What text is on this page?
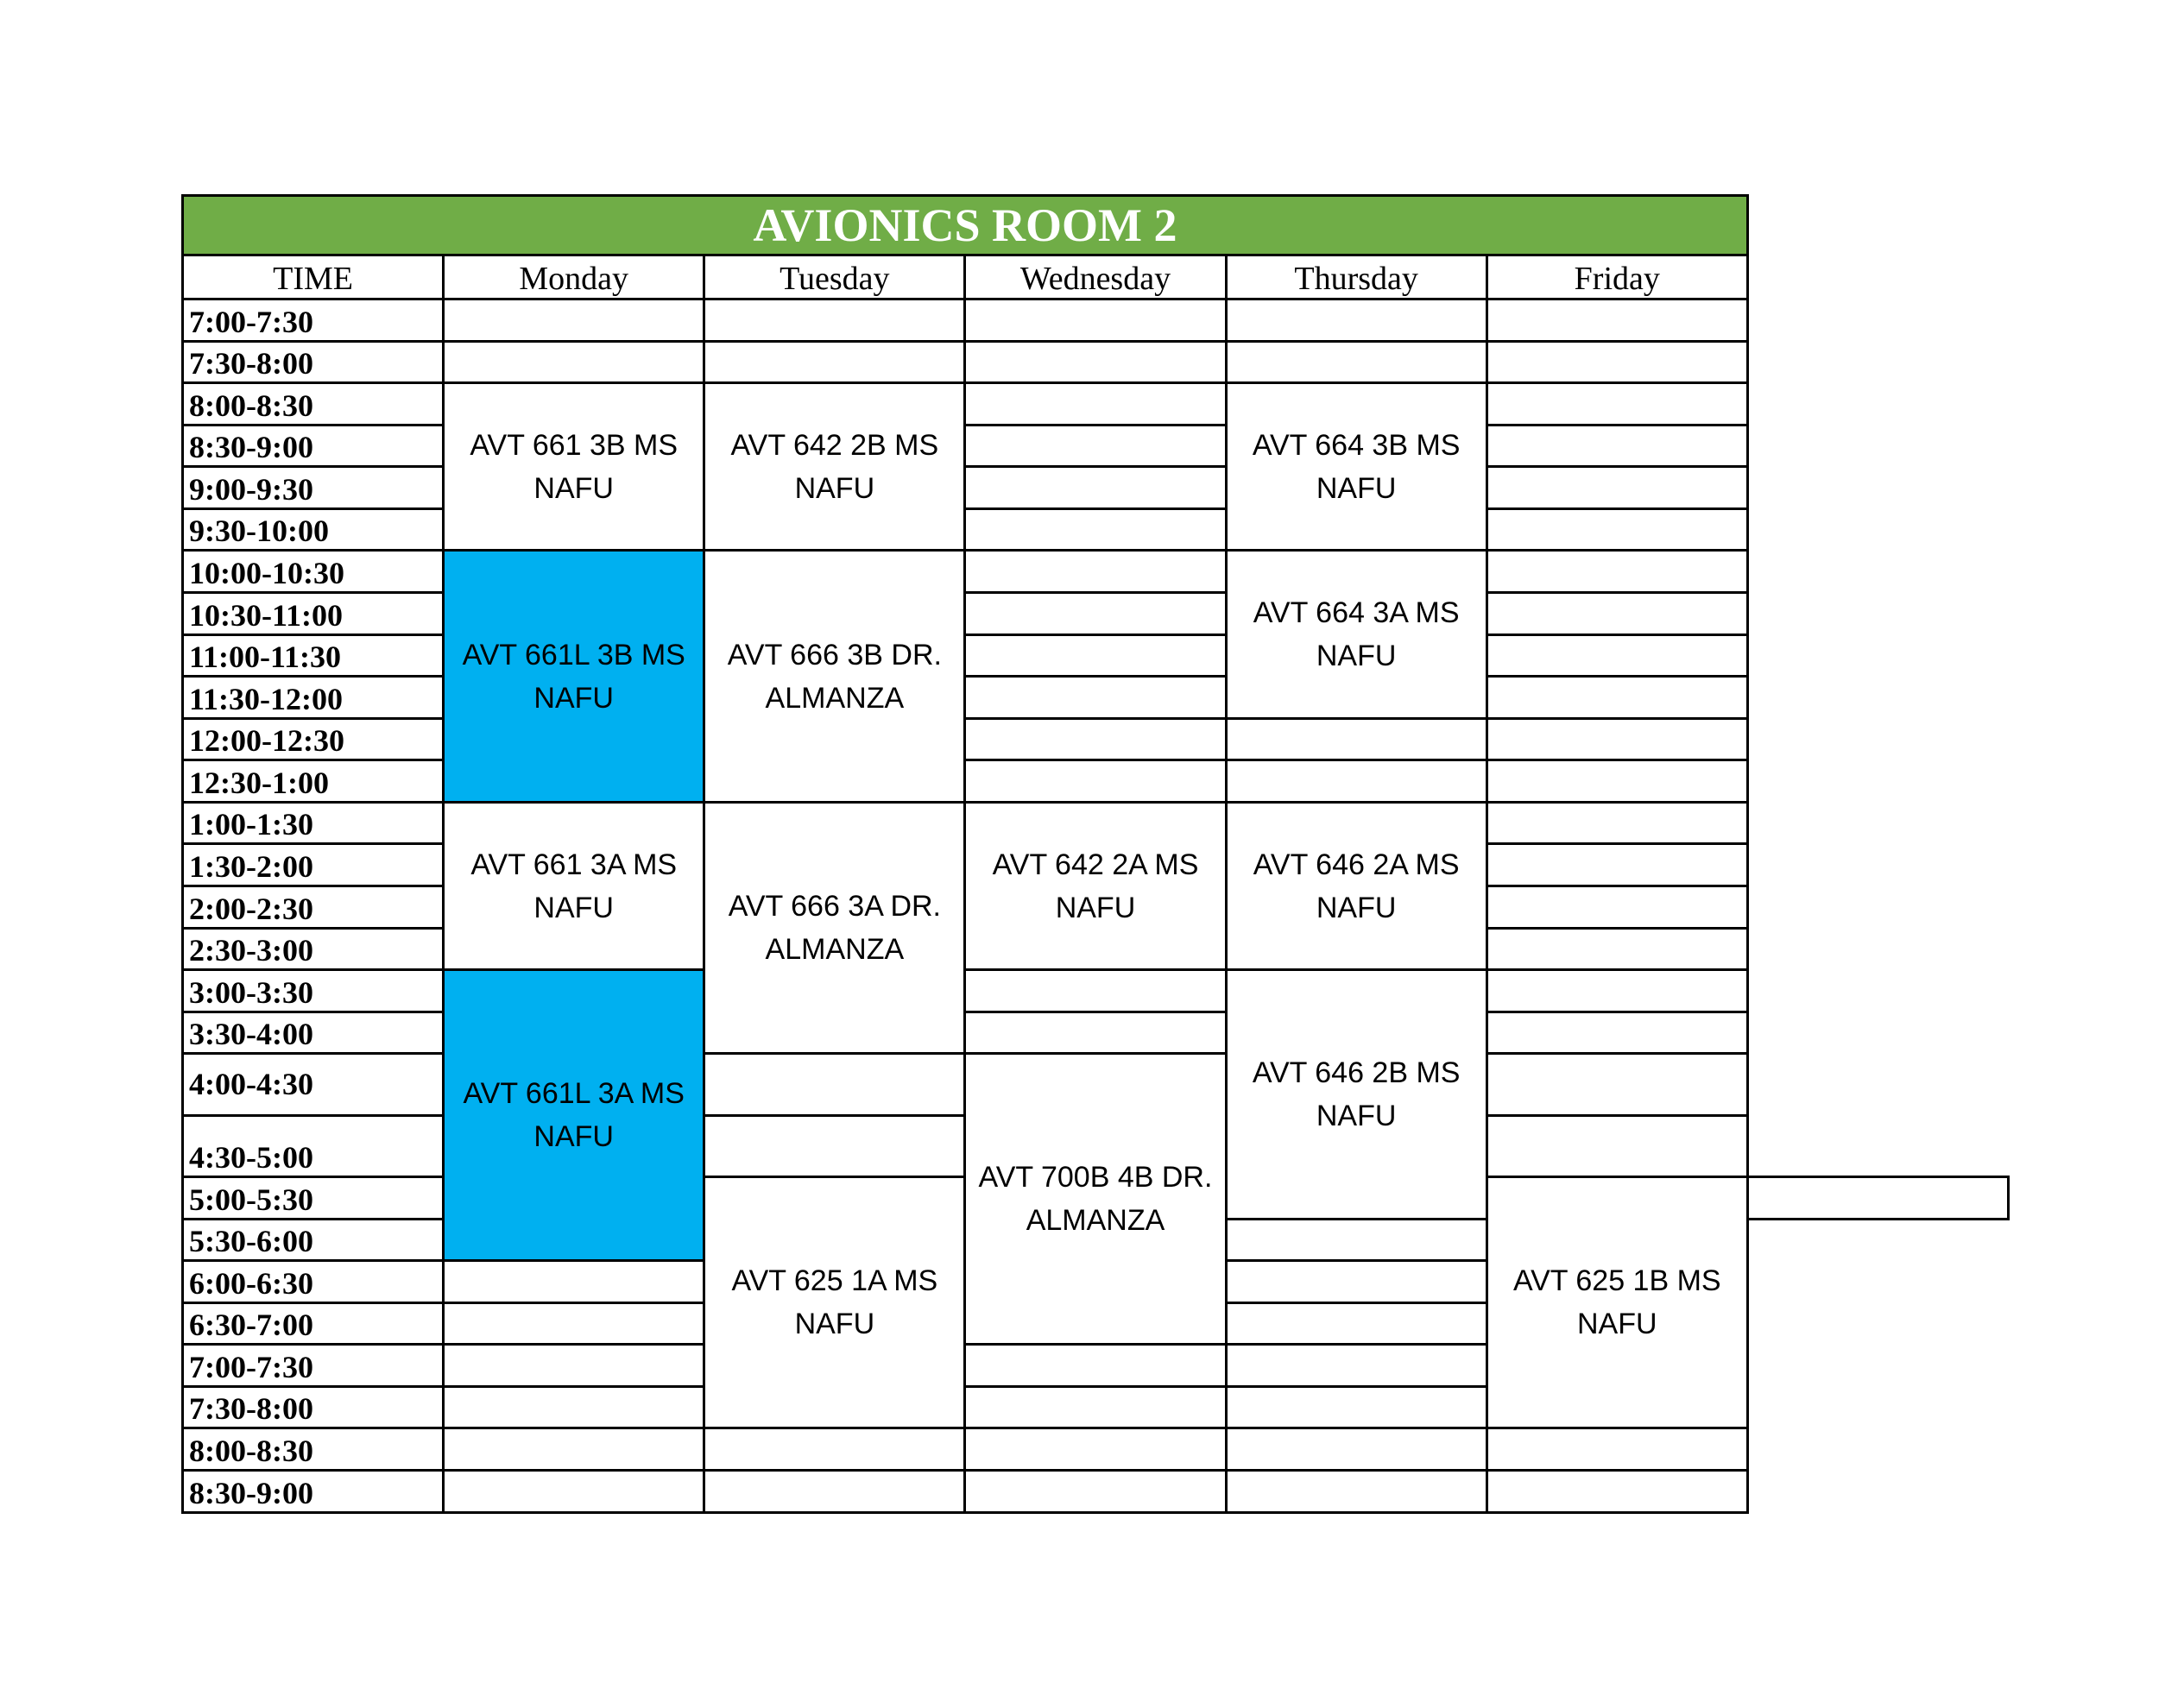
AVIONICS ROOM 2						
TIME	Monday	Tuesday	Wednesday	Thursday	Friday	
7:00-7:30						
7:30-8:00						
8:00-8:30	AVT 661 3B MS NAFU	AVT 642 2B MS NAFU		AVT 664 3B MS NAFU		
8:30-9:00						
9:00-9:30						
9:30-10:00						
10:00-10:30	AVT 661L 3B MS NAFU	AVT 666 3B DR. ALMANZA		AVT 664 3A MS NAFU		
10:30-11:00						
11:00-11:30						
11:30-12:00						
12:00-12:30						
12:30-1:00						
1:00-1:30	AVT 661 3A MS NAFU	AVT 666 3A DR. ALMANZA	AVT 642 2A MS NAFU	AVT 646 2A MS NAFU		
1:30-2:00						
2:00-2:30						
2:30-3:00						
3:00-3:30	AVT 661L 3A MS NAFU			AVT 646 2B MS NAFU		
3:30-4:00						
4:00-4:30			AVT 700B 4B DR. ALMANZA			
4:30-5:00						
5:00-5:30		AVT 625 1A MS NAFU			AVT 625 1B MS NAFU	
5:30-6:00						
6:00-6:30						
6:30-7:00						
7:00-7:30						
7:30-8:00						
8:00-8:30						
8:30-9:00						
